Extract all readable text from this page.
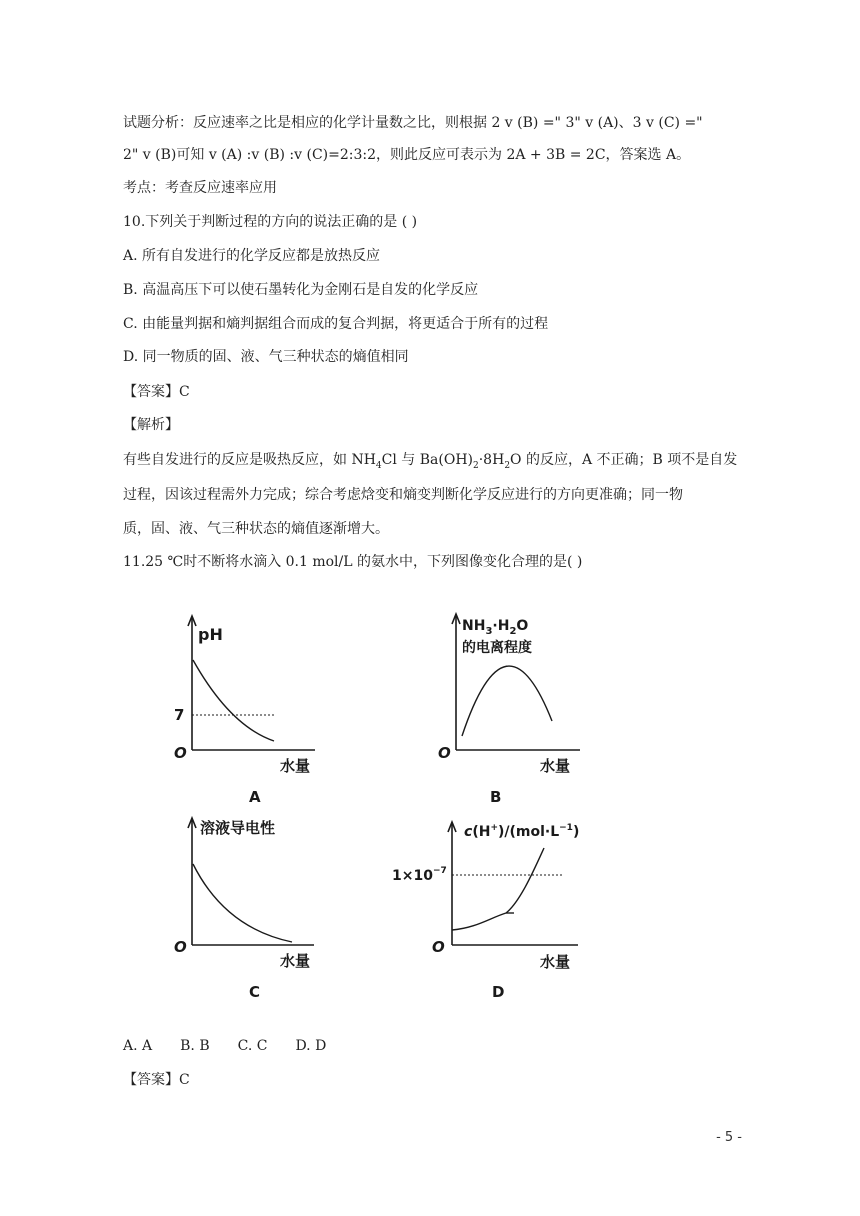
试题分析：反应速率之比是相应的化学计量数之比，则根据 2 v (B) =" 3" v (A)、3 v (C) ="
2" v (B)可知 v (A) :v (B) :v (C)=2:3:2，则此反应可表示为 2A + 3B = 2C，答案选 A。
考点：考查反应速率应用
10.下列关于判断过程的方向的说法正确的是 ( )
A. 所有自发进行的化学反应都是放热反应
B. 高温高压下可以使石墨转化为金刚石是自发的化学反应
C. 由能量判据和熵判据组合而成的复合判据，将更适合于所有的过程
D. 同一物质的固、液、气三种状态的熵值相同
【答案】C
【解析】
有些自发进行的反应是吸热反应，如 $NH_4Cl$ 与 $Ba(OH)_2\cdot 8H_2O$ 的反应，A 不正确；B 项不是自发
过程，因该过程需外力完成；综合考虑焓变和熵变判断化学反应进行的方向更准确；同一物
质，固、液、气三种状态的熵值逐渐增大。
11.25 ℃时不断将水滴入 0.1 mol/L 的氨水中，下列图像变化合理的是( )
pH
7
O
水量
A
$NH_3\cdot H_2O$
的电离程度
O
水量
B
溶液导电性
O
水量
C
$c(H^+)/(mol\cdot L^{-1})$
$1\times 10^{-7}$
O
水量
D
A. A B. B C. C D. D
【答案】C
- 5 -
